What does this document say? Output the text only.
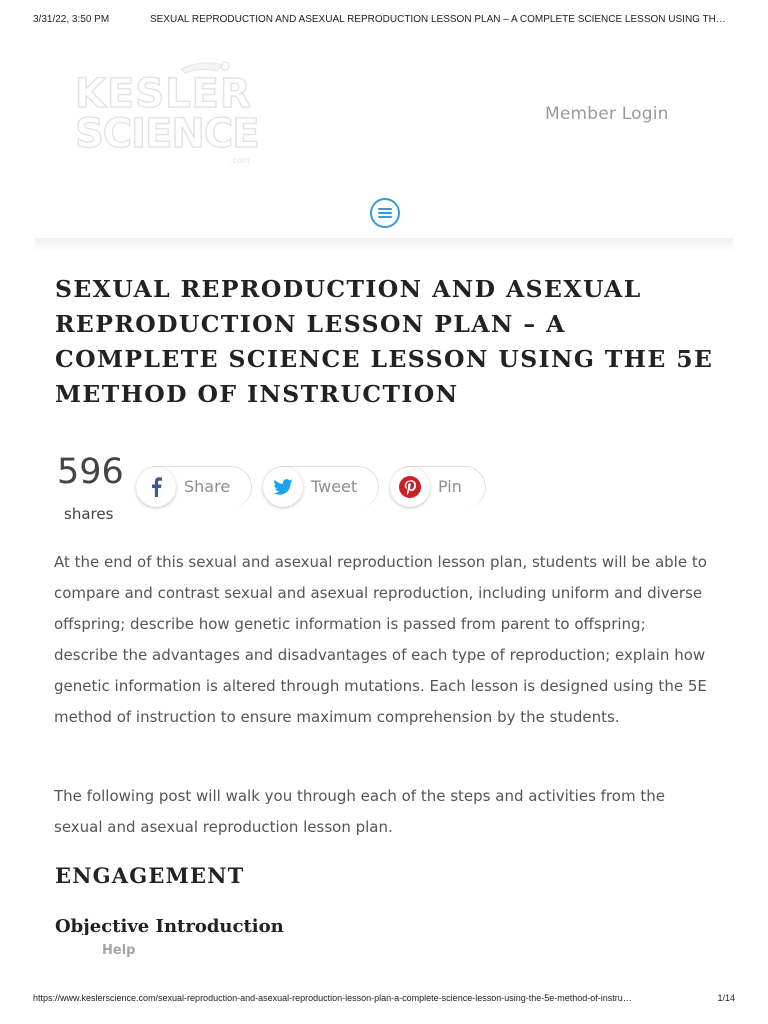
3/31/22, 3:50 PM	SEXUAL REPRODUCTION AND ASEXUAL REPRODUCTION LESSON PLAN – A COMPLETE SCIENCE LESSON USING TH…
KESLER
SCIENCE
.com
Member Login
SEXUAL REPRODUCTION AND ASEXUAL REPRODUCTION LESSON PLAN – A COMPLETE SCIENCE LESSON USING THE 5E METHOD OF INSTRUCTION
596
shares
Share	Tweet	Pin

At the end of this sexual and asexual reproduction lesson plan, students will be able to compare and contrast sexual and asexual reproduction, including uniform and diverse offspring; describe how genetic information is passed from parent to offspring; describe the advantages and disadvantages of each type of reproduction; explain how genetic information is altered through mutations. Each lesson is designed using the 5E method of instruction to ensure maximum comprehension by the students.

The following post will walk you through each of the steps and activities from the sexual and asexual reproduction lesson plan.

ENGAGEMENT
Objective Introduction
Help
https://www.keslerscience.com/sexual-reproduction-and-asexual-reproduction-lesson-plan-a-complete-science-lesson-using-the-5e-method-of-instru…	1/14
